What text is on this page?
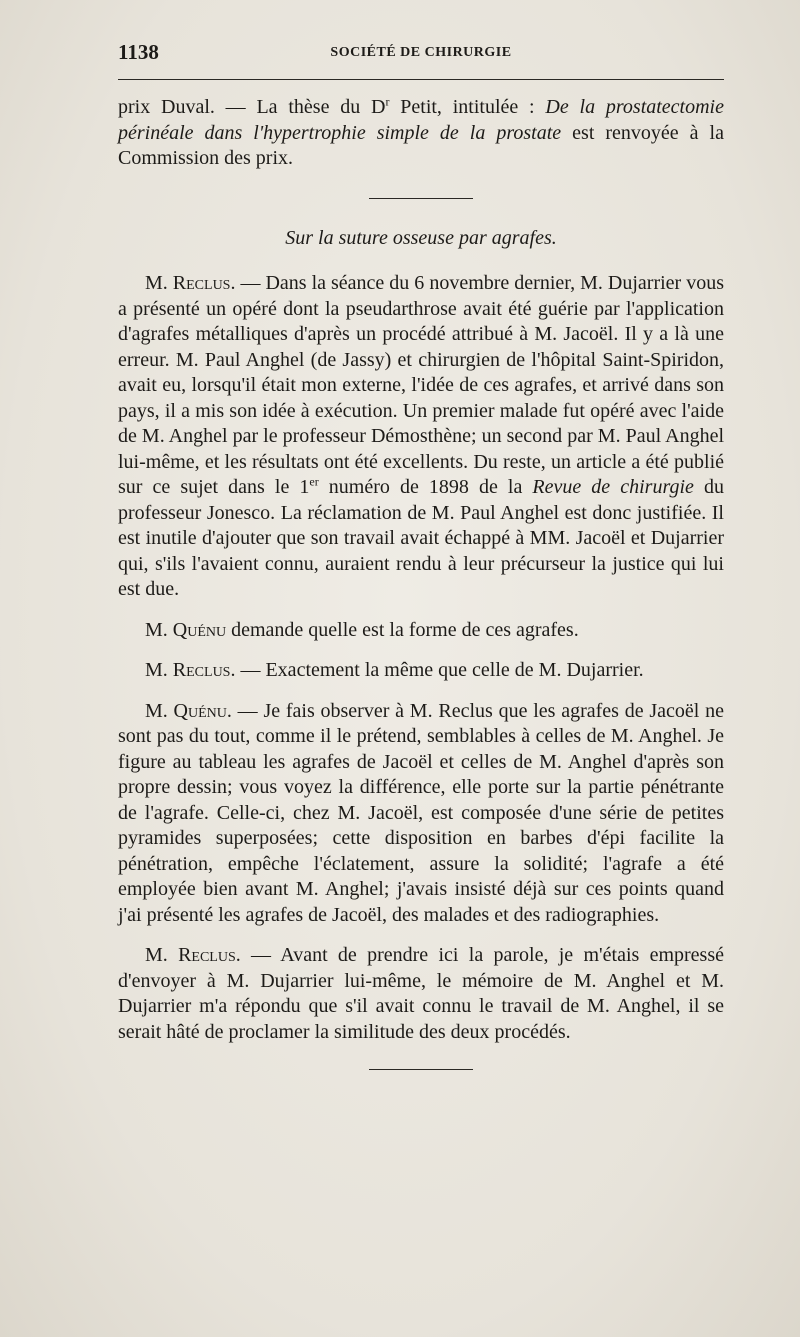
1138	SOCIÉTÉ DE CHIRURGIE

prix Duval. — La thèse du $D^r$ Petit, intitulée : De la prostatectomie périnéale dans l'hypertrophie simple de la prostate est renvoyée à la Commission des prix.

Sur la suture osseuse par agrafes.

M. Reclus. — Dans la séance du 6 novembre dernier, M. Dujarrier vous a présenté un opéré dont la pseudarthrose avait été guérie par l'application d'agrafes métalliques d'après un procédé attribué à M. Jacoël. Il y a là une erreur. M. Paul Anghel (de Jassy) et chirurgien de l'hôpital Saint-Spiridon, avait eu, lorsqu'il était mon externe, l'idée de ces agrafes, et arrivé dans son pays, il a mis son idée à exécution. Un premier malade fut opéré avec l'aide de M. Anghel par le professeur Démosthène; un second par M. Paul Anghel lui-même, et les résultats ont été excellents. Du reste, un article a été publié sur ce sujet dans le 1er numéro de 1898 de la Revue de chirurgie du professeur Jonesco. La réclamation de M. Paul Anghel est donc justifiée. Il est inutile d'ajouter que son travail avait échappé à MM. Jacoël et Dujarrier qui, s'ils l'avaient connu, auraient rendu à leur précurseur la justice qui lui est due.

M. Quénu demande quelle est la forme de ces agrafes.

M. Reclus. — Exactement la même que celle de M. Dujarrier.

M. Quénu. — Je fais observer à M. Reclus que les agrafes de Jacoël ne sont pas du tout, comme il le prétend, semblables à celles de M. Anghel. Je figure au tableau les agrafes de Jacoël et celles de M. Anghel d'après son propre dessin; vous voyez la différence, elle porte sur la partie pénétrante de l'agrafe. Celle-ci, chez M. Jacoël, est composée d'une série de petites pyramides superposées; cette disposition en barbes d'épi facilite la pénétration, empêche l'éclatement, assure la solidité; l'agrafe a été employée bien avant M. Anghel; j'avais insisté déjà sur ces points quand j'ai présenté les agrafes de Jacoël, des malades et des radiographies.

M. Reclus. — Avant de prendre ici la parole, je m'étais empressé d'envoyer à M. Dujarrier lui-même, le mémoire de M. Anghel et M. Dujarrier m'a répondu que s'il avait connu le travail de M. Anghel, il se serait hâté de proclamer la similitude des deux procédés.
